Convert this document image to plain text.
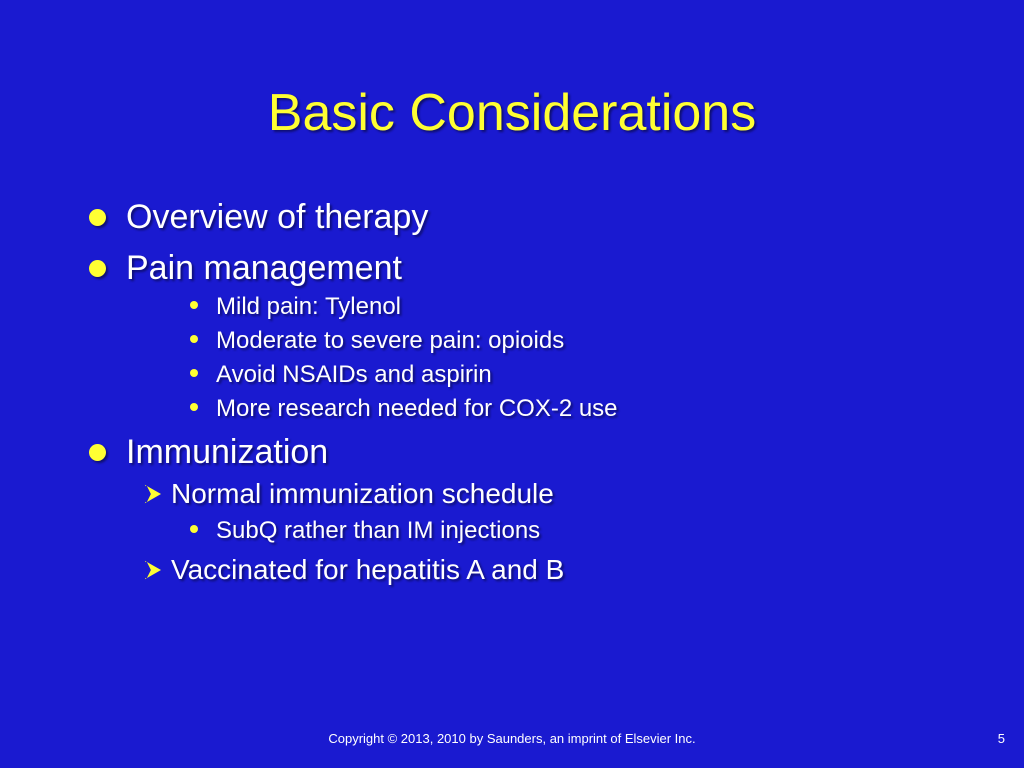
Basic Considerations
Overview of therapy
Pain management
Mild pain: Tylenol
Moderate to severe pain: opioids
Avoid NSAIDs and aspirin
More research needed for COX-2 use
Immunization
Normal immunization schedule
SubQ rather than IM injections
Vaccinated for hepatitis A and B
Copyright © 2013, 2010 by Saunders, an imprint of Elsevier Inc.	5
